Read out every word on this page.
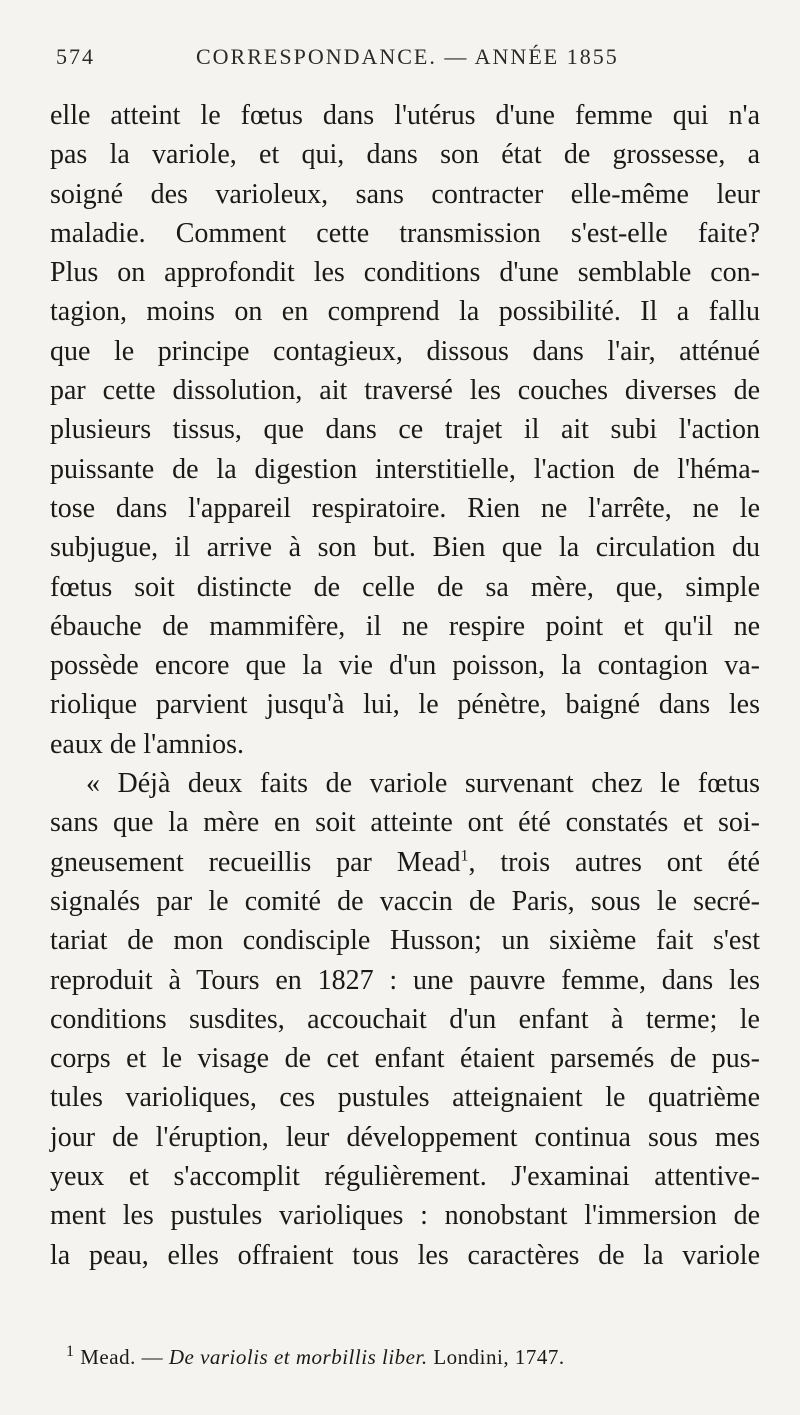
574	CORRESPONDANCE. — ANNÉE 1855
elle atteint le fœtus dans l'utérus d'une femme qui n'a
pas la variole, et qui, dans son état de grossesse, a
soigné des varioleux, sans contracter elle-même leur
maladie. Comment cette transmission s'est-elle faite?
Plus on approfondit les conditions d'une semblable con-
tagion, moins on en comprend la possibilité. Il a fallu
que le principe contagieux, dissous dans l'air, atténué
par cette dissolution, ait traversé les couches diverses de
plusieurs tissus, que dans ce trajet il ait subi l'action
puissante de la digestion interstitielle, l'action de l'héma-
tose dans l'appareil respiratoire. Rien ne l'arrête, ne le
subjugue, il arrive à son but. Bien que la circulation du
fœtus soit distincte de celle de sa mère, que, simple
ébauche de mammifère, il ne respire point et qu'il ne
possède encore que la vie d'un poisson, la contagion va-
riolique parvient jusqu'à lui, le pénètre, baigné dans les
eaux de l'amnios.
« Déjà deux faits de variole survenant chez le fœtus
sans que la mère en soit atteinte ont été constatés et soi-
gneusement recueillis par Mead$^1$, trois autres ont été
signalés par le comité de vaccin de Paris, sous le secré-
tariat de mon condisciple Husson; un sixième fait s'est
reproduit à Tours en 1827 : une pauvre femme, dans les
conditions susdites, accouchait d'un enfant à terme; le
corps et le visage de cet enfant étaient parsemés de pus-
tules varioliques, ces pustules atteignaient le quatrième
jour de l'éruption, leur développement continua sous mes
yeux et s'accomplit régulièrement. J'examinai attentive-
ment les pustules varioliques : nonobstant l'immersion de
la peau, elles offraient tous les caractères de la variole
$^1$ Mead. — De variolis et morbillis liber. Londini, 1747.
